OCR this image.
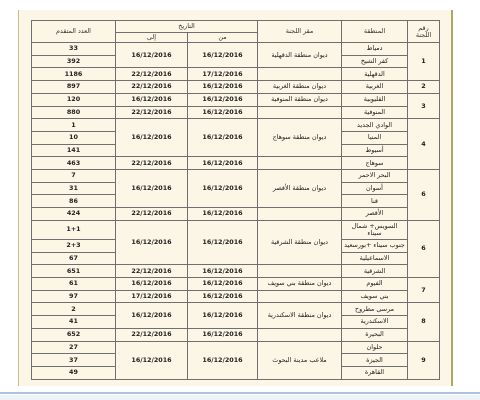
رقم اللجنة	المنطقة	مقر اللجنة	التاريخ		العدد المتقدم
			من	إلى	
1	دمياط	ديوان منطقة الدقهلية	16/12/2016	16/12/2016	33
	كفر الشيخ				392
	الدقهلية		17/12/2016	22/12/2016	1186
2	الغربية	ديوان منطقة الغربية	16/12/2016	22/12/2016	897
3	القليوبية	ديوان منطقة المنوفية	16/12/2016	16/12/2016	120
	المنوفية		16/12/2016	22/12/2016	880
4	الوادي الجديد	ديوان منطقة سوهاج	16/12/2016	16/12/2016	1
	المنيا				10
	أسيوط				141
	سوهاج		16/12/2016	22/12/2016	463
6	البحر الاحمر	ديوان منطقة الأقصر	16/12/2016	16/12/2016	7
	أسوان				31
	قنا				86
	الأقصر		16/12/2016	22/12/2016	424
6	السويس+ شمال سيناء	ديوان منطقة الشرقية	16/12/2016	16/12/2016	1+1
	جنوب سيناء +بورسعيد				2+3
	الاسماعيلية				67
	الشرقية		16/12/2016	22/12/2016	651
7	الفيوم	ديوان منطقة بني سويف	16/12/2016	16/12/2016	61
	بني سويف		16/12/2016	17/12/2016	97
8	مرسى مطروح	ديوان منطقة الاسكندرية	16/12/2016	16/12/2016	2
	الاسكندرية				41
	البحيرة		16/12/2016	22/12/2016	652
9	حلوان	ملاعب مدينة البحوث	16/12/2016	16/12/2016	27
	الجيزة				37
	القاهرة				49
